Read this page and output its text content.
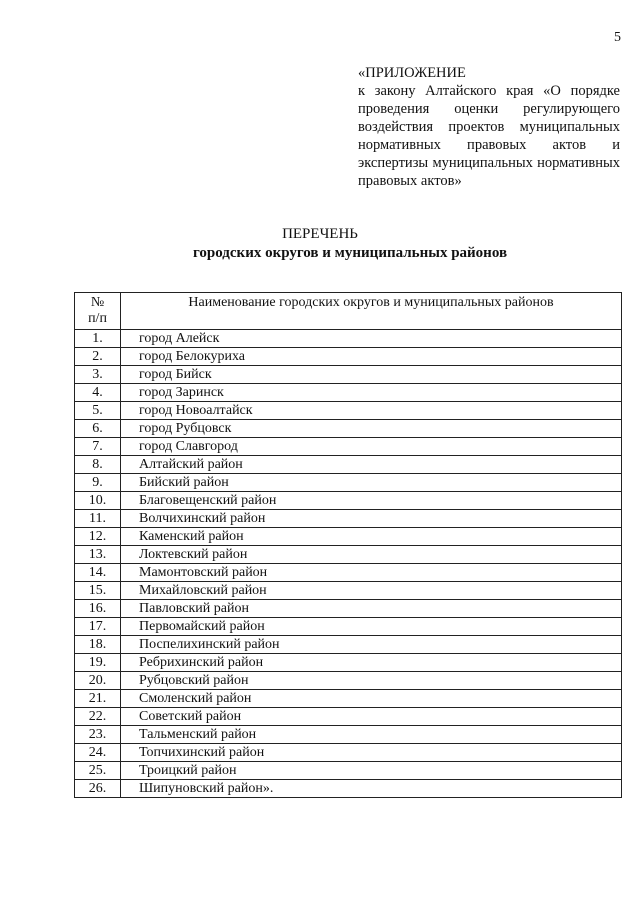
5
«ПРИЛОЖЕНИЕ
к закону Алтайского края «О порядке проведения оценки регулирующего воздействия проектов муниципальных нормативных правовых актов и экспертизы муниципальных нормативных правовых актов»
ПЕРЕЧЕНЬ
городских округов и муниципальных районов
№
п/п	Наименование городских округов и муниципальных районов
1.	город Алейск
2.	город Белокуриха
3.	город Бийск
4.	город Заринск
5.	город Новоалтайск
6.	город Рубцовск
7.	город Славгород
8.	Алтайский район
9.	Бийский район
10.	Благовещенский район
11.	Волчихинский район
12.	Каменский район
13.	Локтевский район
14.	Мамонтовский район
15.	Михайловский район
16.	Павловский район
17.	Первомайский район
18.	Поспелихинский район
19.	Ребрихинский район
20.	Рубцовский район
21.	Смоленский район
22.	Советский район
23.	Тальменский район
24.	Топчихинский район
25.	Троицкий район
26.	Шипуновский район».
